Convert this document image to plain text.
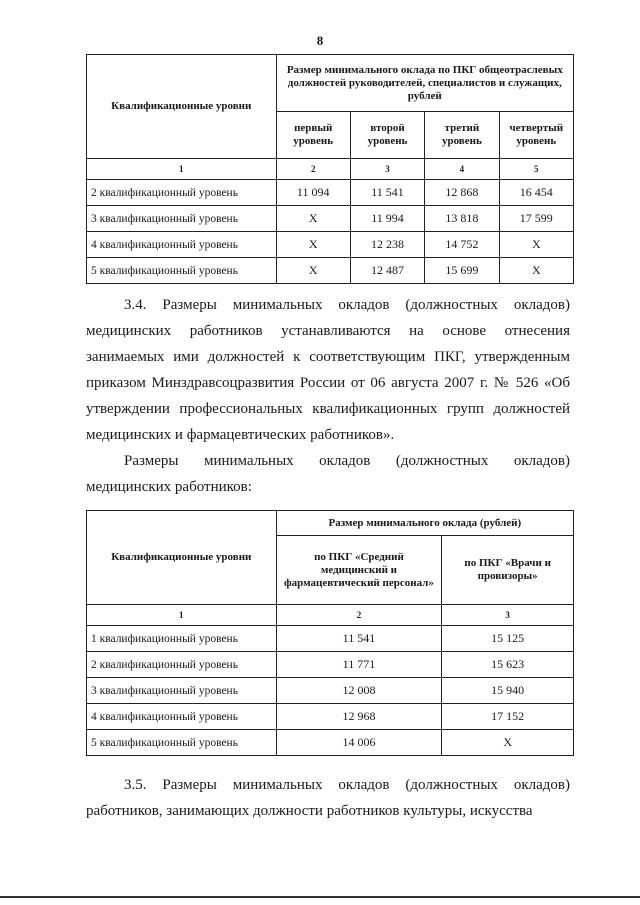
8
Квалификационные уровни	Размер минимального оклада по ПКГ общеотраслевых должностей руководителей, специалистов и служащих, рублей			
	первый уровень	второй уровень	третий уровень	четвертый уровень
1	2	3	4	5
2 квалификационный уровень	11 094	11 541	12 868	16 454
3 квалификационный уровень	Х	11 994	13 818	17 599
4 квалификационный уровень	Х	12 238	14 752	Х
5 квалификационный уровень	Х	12 487	15 699	Х

3.4. Размеры минимальных окладов (должностных окладов) медицинских работников устанавливаются на основе отнесения занимаемых ими должностей к соответствующим ПКГ, утвержденным приказом Минздравсоцразвития России от 06 августа 2007 г. № 526 «Об утверждении профессиональных квалификационных групп должностей медицинских и фармацевтических работников».

Размеры минимальных окладов (должностных окладов) медицинских работников:

Квалификационные уровни	Размер минимального оклада (рублей)	
	по ПКГ «Средний медицинский и фармацевтический персонал»	по ПКГ «Врачи и провизоры»
1	2	3
1 квалификационный уровень	11 541	15 125
2 квалификационный уровень	11 771	15 623
3 квалификационный уровень	12 008	15 940
4 квалификационный уровень	12 968	17 152
5 квалификационный уровень	14 006	Х

3.5. Размеры минимальных окладов (должностных окладов) работников, занимающих должности работников культуры, искусства
